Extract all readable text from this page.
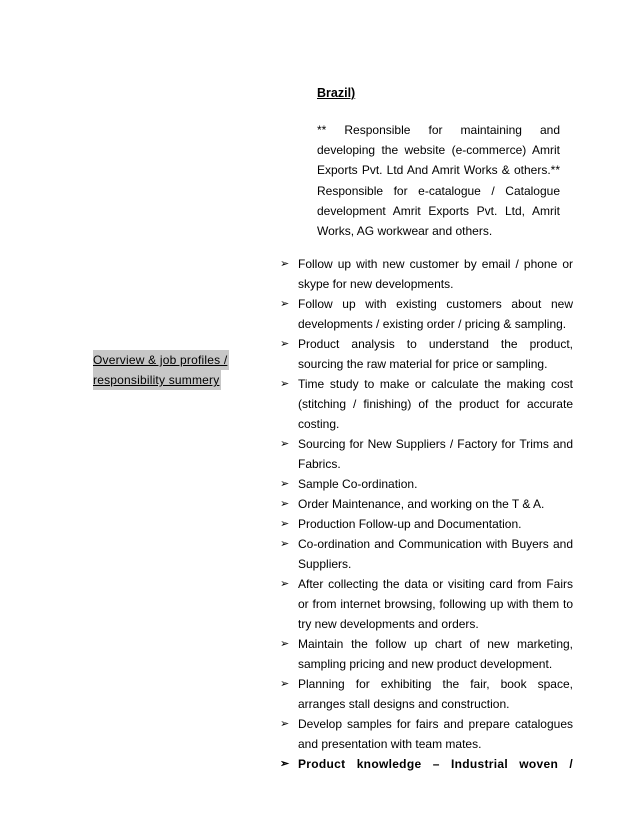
Brazil)
** Responsible for maintaining and developing the website (e-commerce) Amrit Exports Pvt. Ltd And Amrit Works & others.** Responsible for e-catalogue / Catalogue development Amrit Exports Pvt. Ltd, Amrit Works, AG workwear and others.
Overview & job profiles /
responsibility summery
➢ Follow up with new customer by email / phone or skype for new developments.
➢ Follow up with existing customers about new developments / existing order / pricing & sampling.
➢ Product analysis to understand the product, sourcing the raw material for price or sampling.
➢ Time study to make or calculate the making cost (stitching / finishing) of the product for accurate costing.
➢ Sourcing for New Suppliers / Factory for Trims and Fabrics.
➢ Sample Co-ordination.
➢ Order Maintenance, and working on the T & A.
➢ Production Follow-up and Documentation.
➢ Co-ordination and Communication with Buyers and Suppliers.
➢ After collecting the data or visiting card from Fairs or from internet browsing, following up with them to try new developments and orders.
➢ Maintain the follow up chart of new marketing, sampling pricing and new product development.
➢ Planning for exhibiting the fair, book space, arranges stall designs and construction.
➢ Develop samples for fairs and prepare catalogues and presentation with team mates.
➢ Product knowledge – Industrial woven /
